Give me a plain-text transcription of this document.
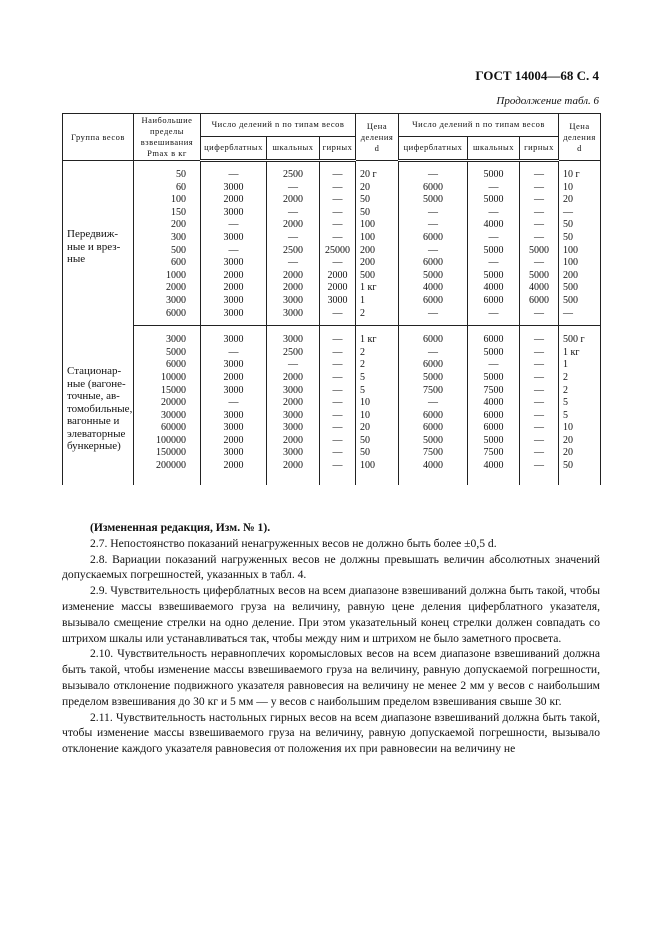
ГОСТ 14004—68 С. 4
Продолжение табл. 6
Группа весов	Наибольшие пределы взвешивания Pmax в кг	Число делений n по типам весов			Цена деления d	Число делений n по типам весов			Цена деления d
		циферблатных	шкальных	гирных		циферблатных	шкальных	гирных	
Передвиж-ные и врез-ные	50	—	2500	—	20 г	—	5000	—	10 г
	60	3000	—	—	20	6000	—	—	10
	100	2000	2000	—	50	5000	5000	—	20
	150	3000	—	—	50	—	—	—	—
	200	—	2000	—	100	—	4000	—	50
	300	3000	—	—	100	6000	—	—	50
	500	—	2500	25000	200	—	5000	5000	100
	600	3000	—	—	200	6000	—	—	100
	1000	2000	2000	2000	500	5000	5000	5000	200
	2000	2000	2000	2000	1 кг	4000	4000	4000	500
	3000	3000	3000	3000	1	6000	6000	6000	500
	6000	3000	3000	—	2	—	—	—	—
Стационар-ные (вагоне-точные, ав-томобильные, вагонные и элеваторные бункерные)	3000	3000	3000	—	1 кг	6000	6000	—	500 г
	5000	—	2500	—	2	—	5000	—	1 кг
	6000	3000	—	—	2	6000	—	—	1
	10000	2000	2000	—	5	5000	5000	—	2
	15000	3000	3000	—	5	7500	7500	—	2
	20000	—	2000	—	10	—	4000	—	5
	30000	3000	3000	—	10	6000	6000	—	5
	60000	3000	3000	—	20	6000	6000	—	10
	100000	2000	2000	—	50	5000	5000	—	20
	150000	3000	3000	—	50	7500	7500	—	20
	200000	2000	2000	—	100	4000	4000	—	50

(Измененная редакция, Изм. № 1).

2.7. Непостоянство показаний ненагруженных весов не должно быть более ±0,5 d.

2.8. Вариации показаний нагруженных весов не должны превышать величин абсолютных значений допускаемых погрешностей, указанных в табл. 4.

2.9. Чувствительность циферблатных весов на всем диапазоне взвешиваний должна быть такой, чтобы изменение массы взвешиваемого груза на величину, равную цене деления циферблатного указателя, вызывало смещение стрелки на одно деление. При этом указательный конец стрелки должен совпадать со штрихом шкалы или устанавливаться так, чтобы между ним и штрихом не было заметного просвета.

2.10. Чувствительность неравноплечих коромысловых весов на всем диапазоне взвешиваний должна быть такой, чтобы изменение массы взвешиваемого груза на величину, равную допускаемой погрешности, вызывало отклонение подвижного указателя равновесия на величину не менее 2 мм у весов с наибольшим пределом взвешивания до 30 кг и 5 мм — у весов с наибольшим пределом взвешивания свыше 30 кг.

2.11. Чувствительность настольных гирных весов на всем диапазоне взвешиваний должна быть такой, чтобы изменение массы взвешиваемого груза на величину, равную допускаемой погрешности, вызывало отклонение каждого указателя равновесия от положения их при равновесии на величину не
